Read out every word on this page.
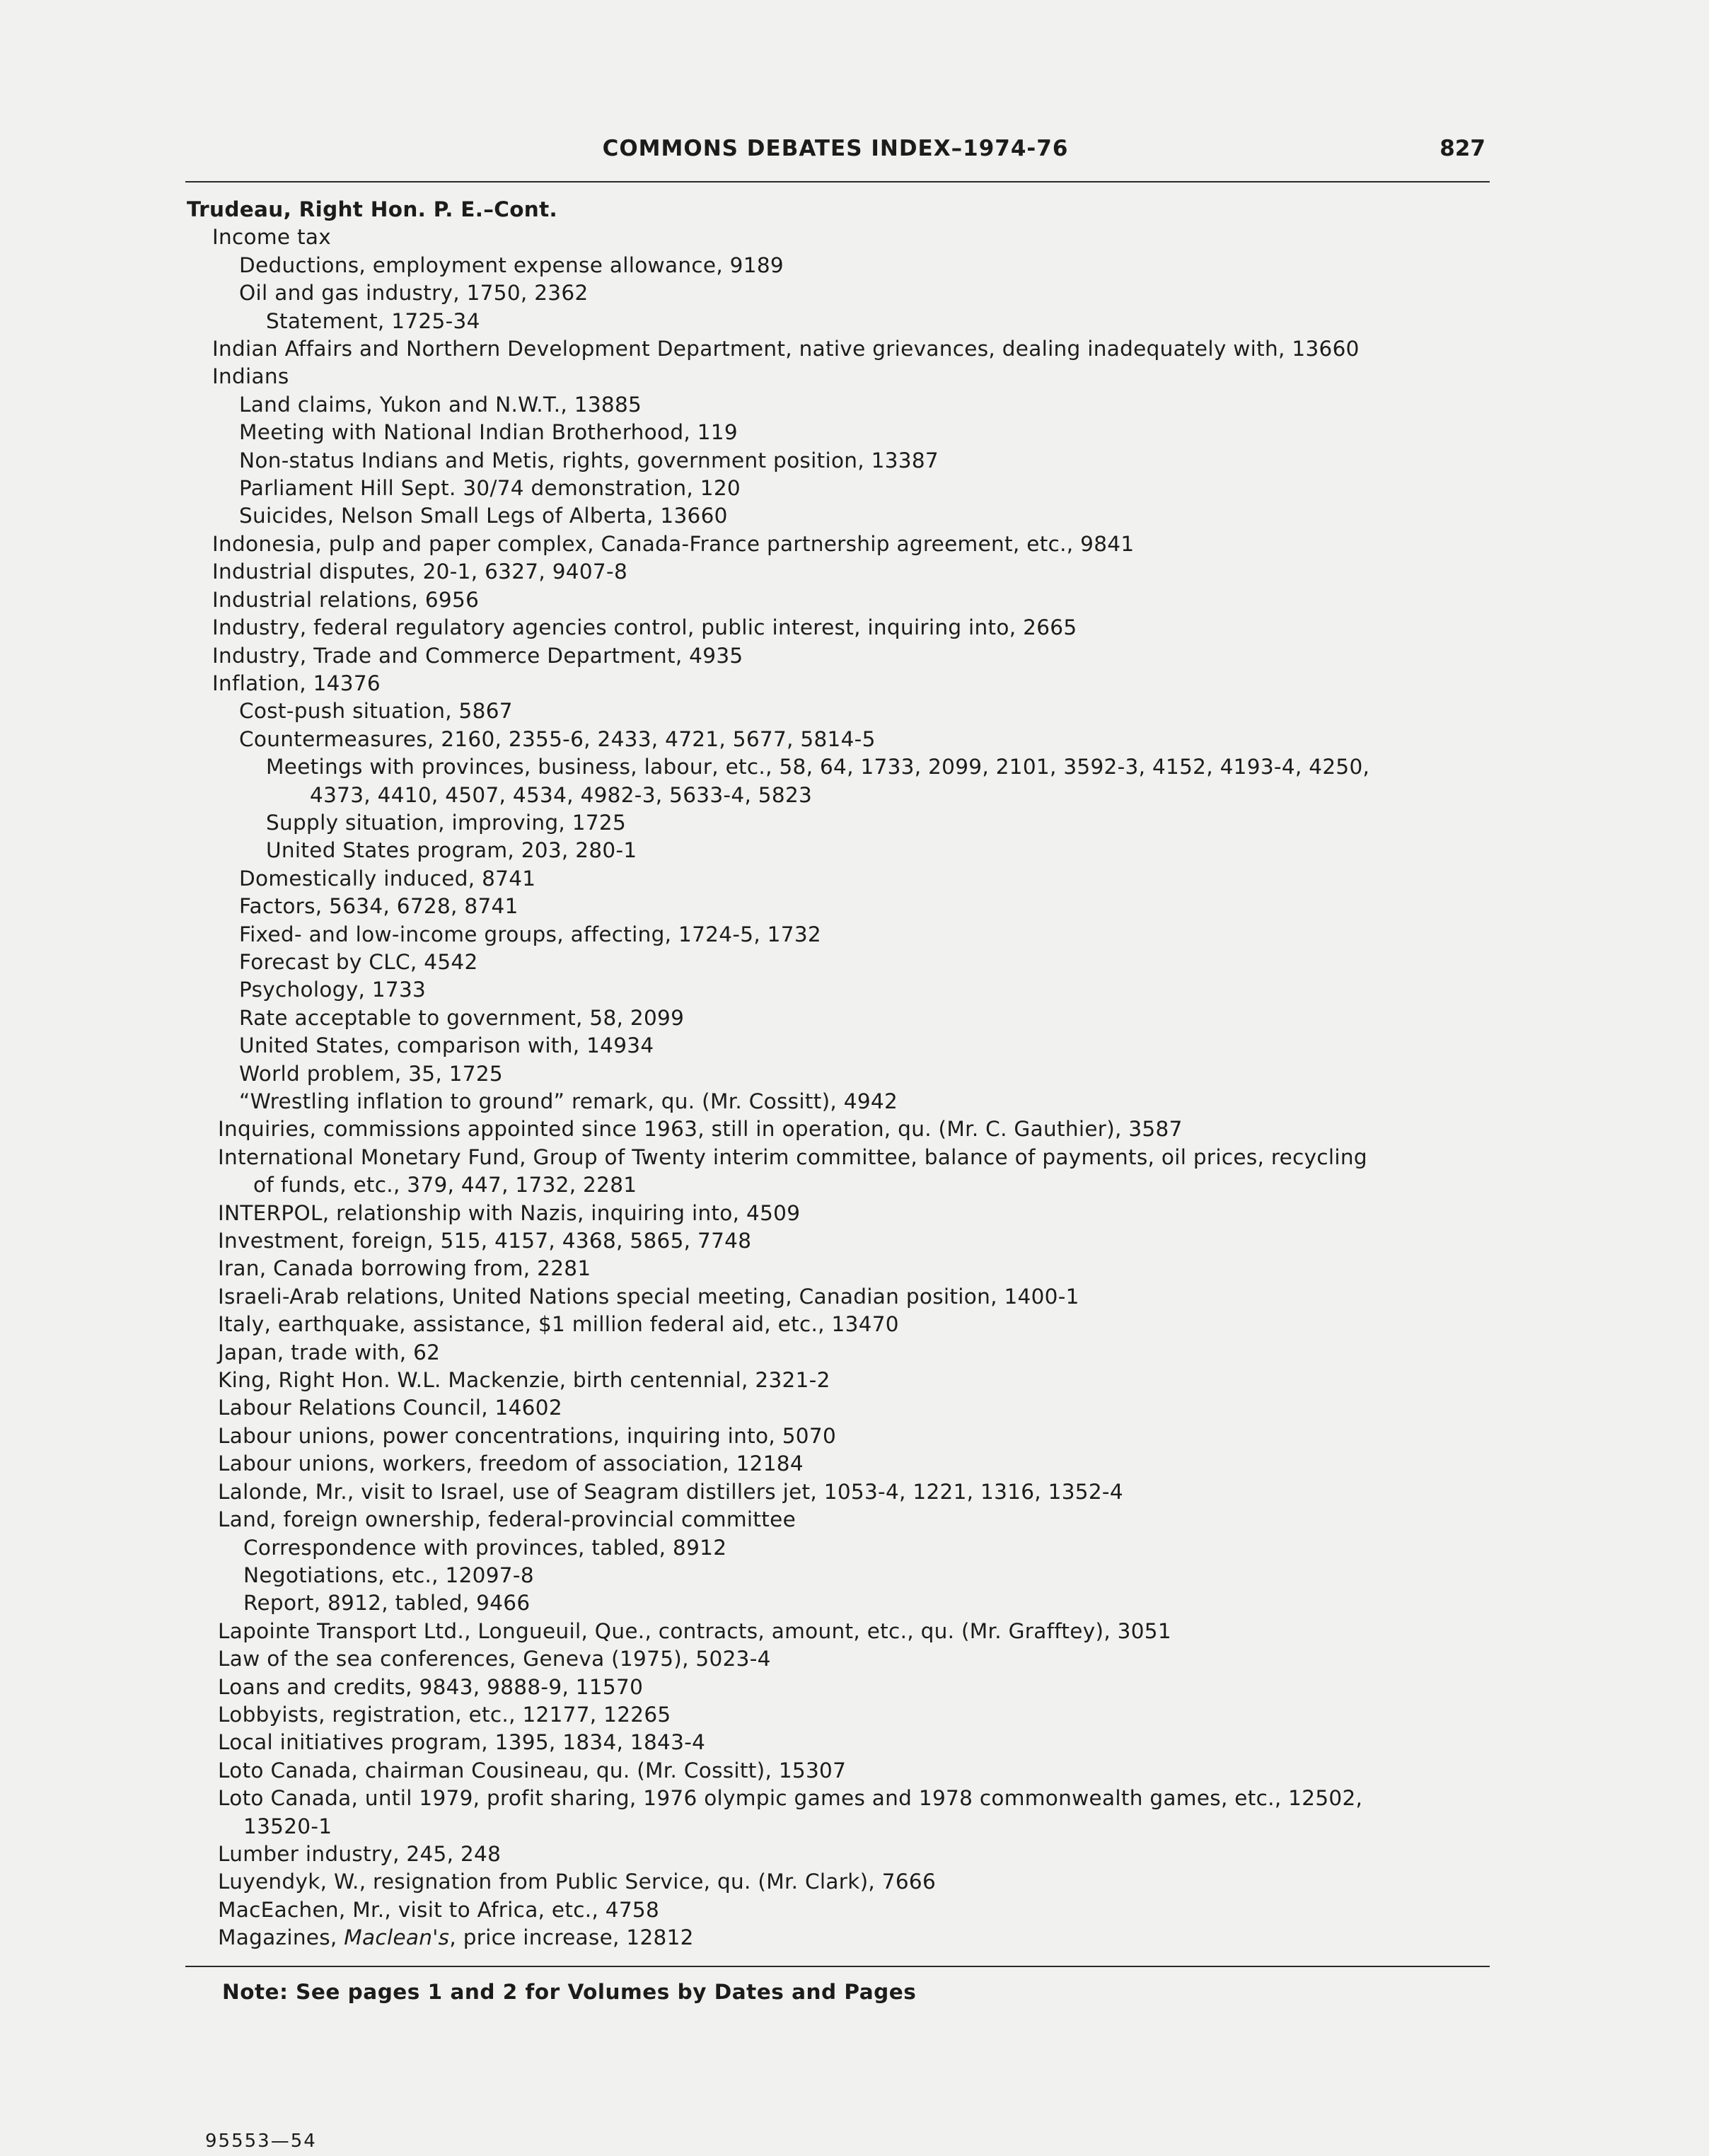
COMMONS DEBATES INDEX–1974-76	827
Trudeau, Right Hon. P. E.–Cont.
Income tax
Deductions, employment expense allowance, 9189
Oil and gas industry, 1750, 2362
Statement, 1725-34
Indian Affairs and Northern Development Department, native grievances, dealing inadequately with, 13660
Indians
Land claims, Yukon and N.W.T., 13885
Meeting with National Indian Brotherhood, 119
Non-status Indians and Metis, rights, government position, 13387
Parliament Hill Sept. 30/74 demonstration, 120
Suicides, Nelson Small Legs of Alberta, 13660
Indonesia, pulp and paper complex, Canada-France partnership agreement, etc., 9841
Industrial disputes, 20-1, 6327, 9407-8
Industrial relations, 6956
Industry, federal regulatory agencies control, public interest, inquiring into, 2665
Industry, Trade and Commerce Department, 4935
Inflation, 14376
Cost-push situation, 5867
Countermeasures, 2160, 2355-6, 2433, 4721, 5677, 5814-5
Meetings with provinces, business, labour, etc., 58, 64, 1733, 2099, 2101, 3592-3, 4152, 4193-4, 4250,
4373, 4410, 4507, 4534, 4982-3, 5633-4, 5823
Supply situation, improving, 1725
United States program, 203, 280-1
Domestically induced, 8741
Factors, 5634, 6728, 8741
Fixed- and low-income groups, affecting, 1724-5, 1732
Forecast by CLC, 4542
Psychology, 1733
Rate acceptable to government, 58, 2099
United States, comparison with, 14934
World problem, 35, 1725
“Wrestling inflation to ground” remark, qu. (Mr. Cossitt), 4942
Inquiries, commissions appointed since 1963, still in operation, qu. (Mr. C. Gauthier), 3587
International Monetary Fund, Group of Twenty interim committee, balance of payments, oil prices, recycling
of funds, etc., 379, 447, 1732, 2281
INTERPOL, relationship with Nazis, inquiring into, 4509
Investment, foreign, 515, 4157, 4368, 5865, 7748
Iran, Canada borrowing from, 2281
Israeli-Arab relations, United Nations special meeting, Canadian position, 1400-1
Italy, earthquake, assistance, $1 million federal aid, etc., 13470
Japan, trade with, 62
King, Right Hon. W.L. Mackenzie, birth centennial, 2321-2
Labour Relations Council, 14602
Labour unions, power concentrations, inquiring into, 5070
Labour unions, workers, freedom of association, 12184
Lalonde, Mr., visit to Israel, use of Seagram distillers jet, 1053-4, 1221, 1316, 1352-4
Land, foreign ownership, federal-provincial committee
Correspondence with provinces, tabled, 8912
Negotiations, etc., 12097-8
Report, 8912, tabled, 9466
Lapointe Transport Ltd., Longueuil, Que., contracts, amount, etc., qu. (Mr. Grafftey), 3051
Law of the sea conferences, Geneva (1975), 5023-4
Loans and credits, 9843, 9888-9, 11570
Lobbyists, registration, etc., 12177, 12265
Local initiatives program, 1395, 1834, 1843-4
Loto Canada, chairman Cousineau, qu. (Mr. Cossitt), 15307
Loto Canada, until 1979, profit sharing, 1976 olympic games and 1978 commonwealth games, etc., 12502,
13520-1
Lumber industry, 245, 248
Luyendyk, W., resignation from Public Service, qu. (Mr. Clark), 7666
MacEachen, Mr., visit to Africa, etc., 4758
Magazines, Maclean's, price increase, 12812
Note: See pages 1 and 2 for Volumes by Dates and Pages
95553—54
